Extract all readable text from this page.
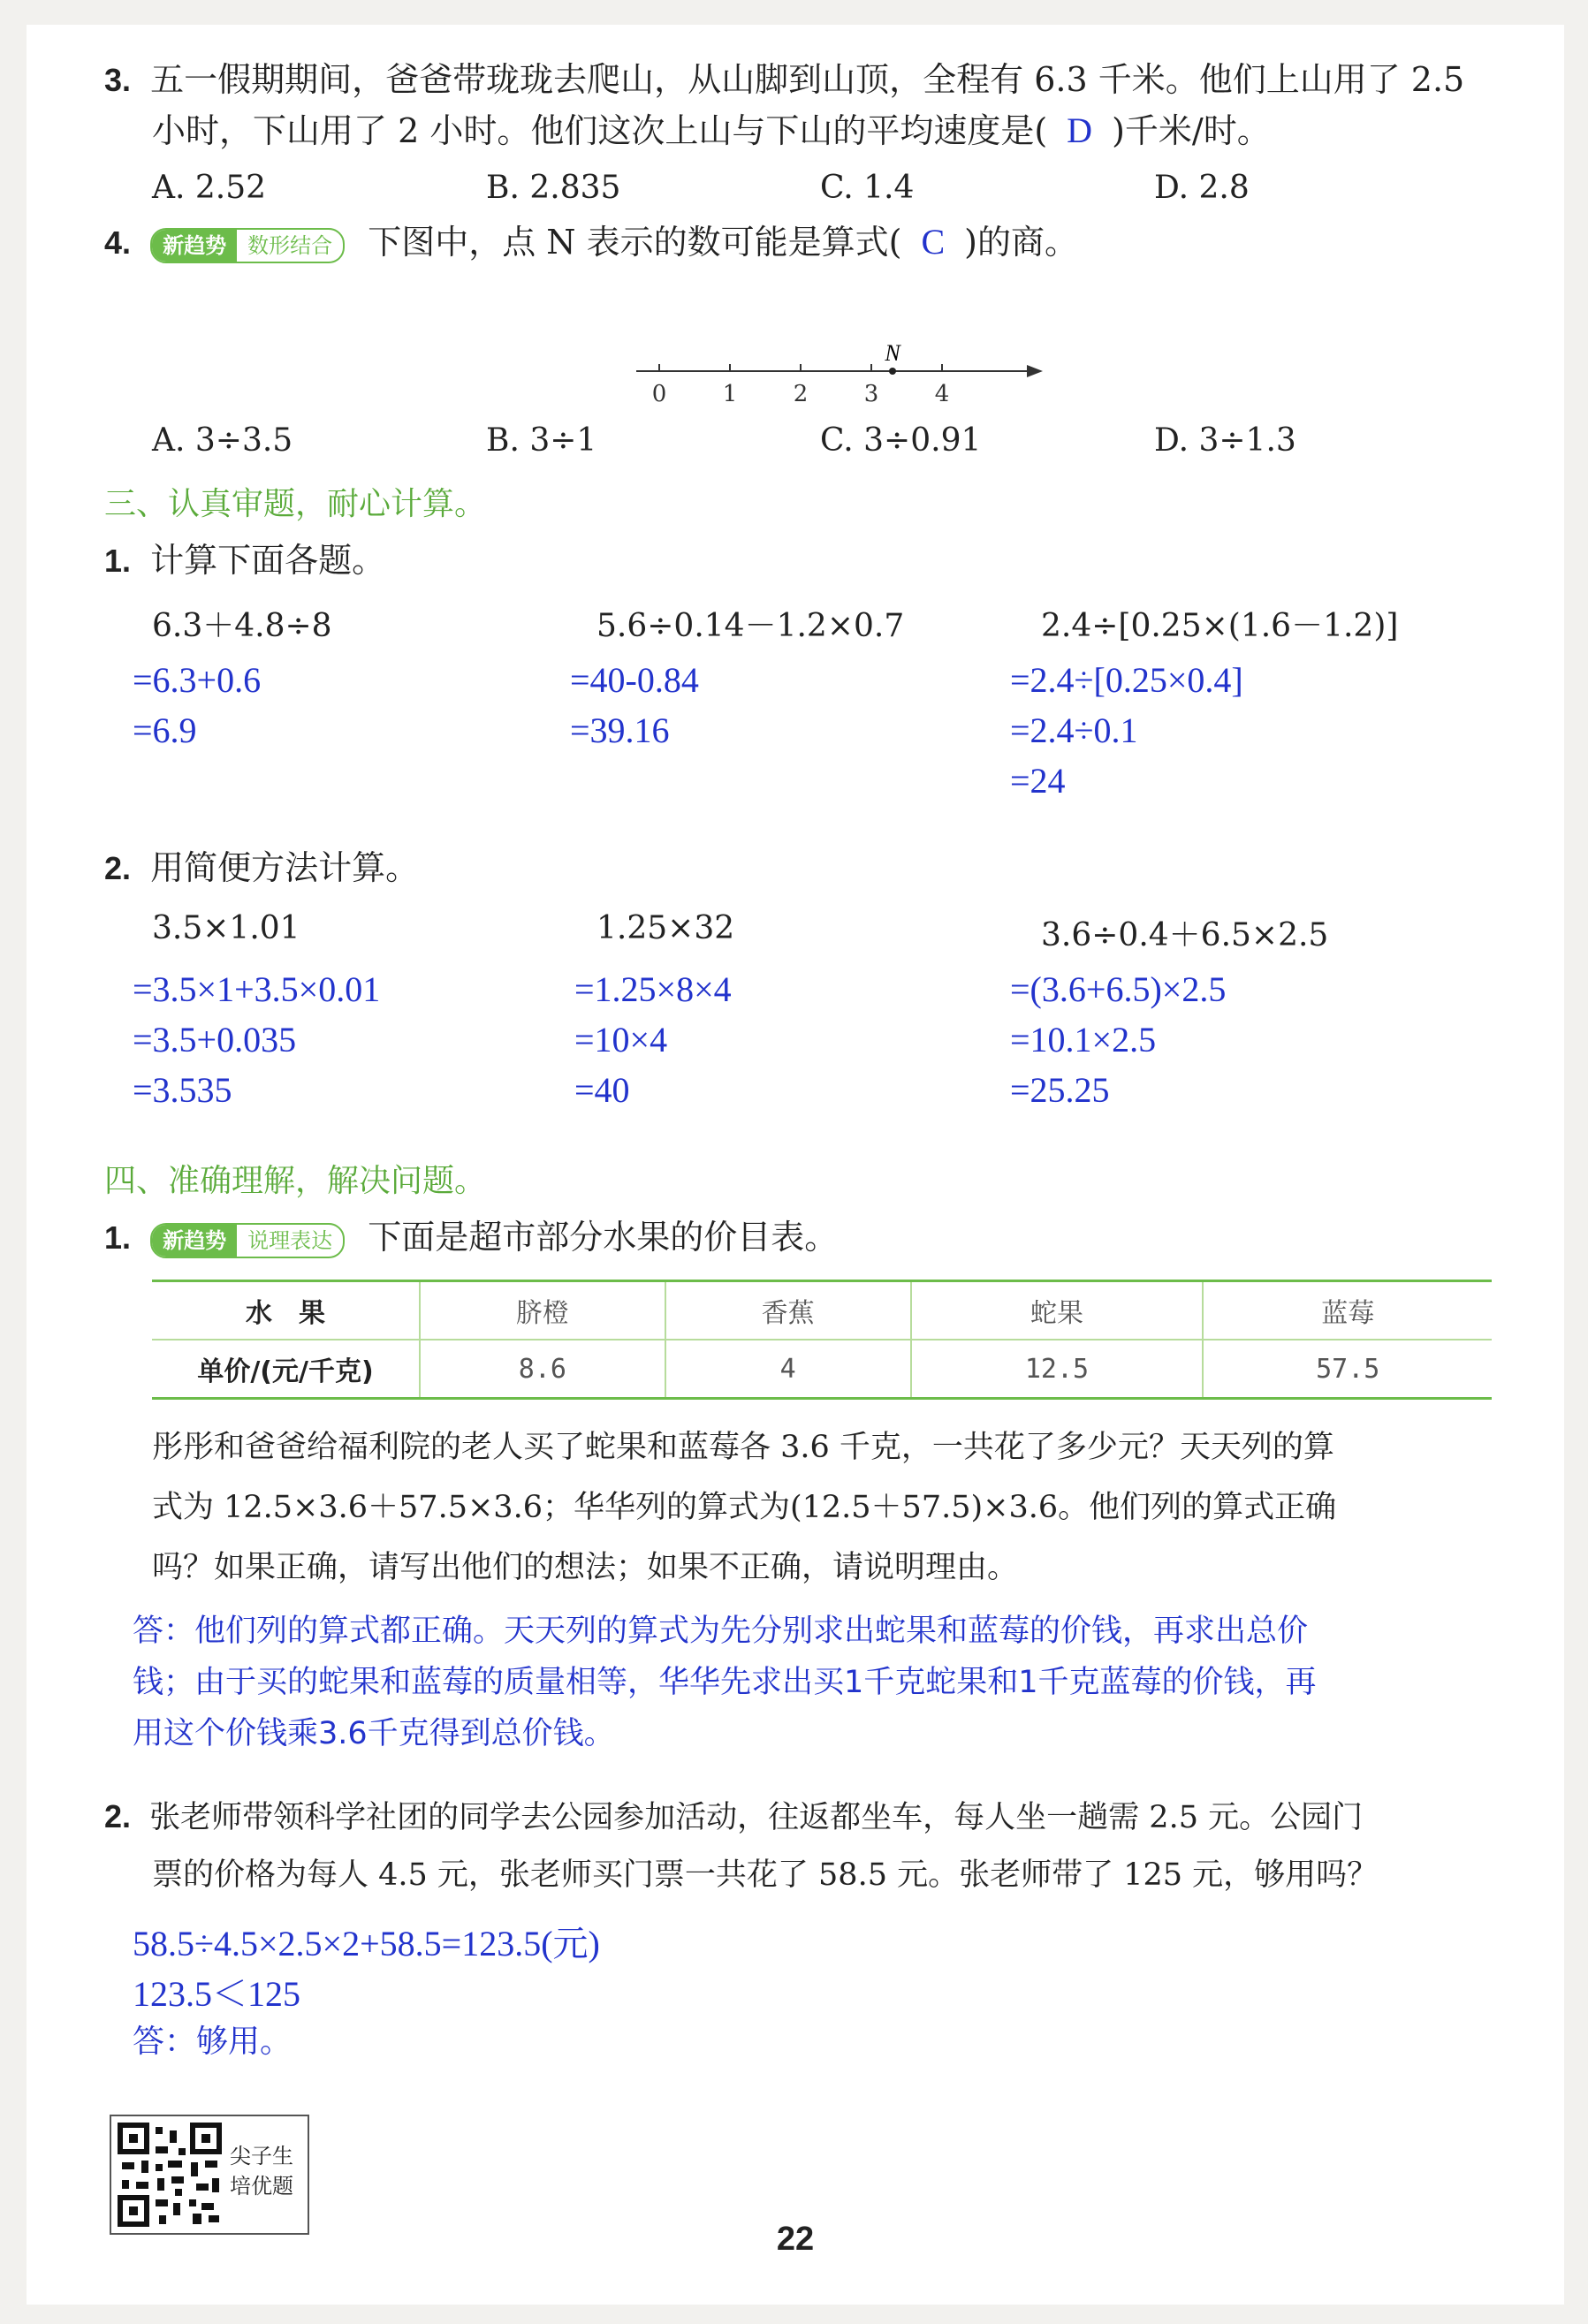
3. 五一假期期间，爸爸带珑珑去爬山，从山脚到山顶，全程有 6.3 千米。他们上山用了 2.5
小时，下山用了 2 小时。他们这次上山与下山的平均速度是( D )千米/时。
A. 2.52	B. 2.835	C. 1.4	D. 2.8
4. 新趋势 数形结合 下图中，点 N 表示的数可能是算式( C )的商。
0 1 2 3 4
N
A. 3÷3.5	B. 3÷1	C. 3÷0.91	D. 3÷1.3
三、认真审题，耐心计算。
1. 计算下面各题。
6.3＋4.8÷8	5.6÷0.14－1.2×0.7	2.4÷[0.25×(1.6－1.2)]
=6.3+0.6
=6.9
=40-0.84
=39.16
=2.4÷[0.25×0.4]
=2.4÷0.1
=24
2. 用简便方法计算。
3.5×1.01	1.25×32	3.6÷0.4＋6.5×2.5
=3.5×1+3.5×0.01
=3.5+0.035
=3.535
=1.25×8×4
=10×4
=40
=(3.6+6.5)×2.5
=10.1×2.5
=25.25
四、准确理解，解决问题。
1. 新趋势 说理表达 下面是超市部分水果的价目表。
水　果	脐橙	香蕉	蛇果	蓝莓
单价/(元/千克)	8.6	4	12.5	57.5
彤彤和爸爸给福利院的老人买了蛇果和蓝莓各 3.6 千克，一共花了多少元？天天列的算
式为 12.5×3.6＋57.5×3.6；华华列的算式为(12.5＋57.5)×3.6。他们列的算式正确
吗？如果正确，请写出他们的想法；如果不正确，请说明理由。
答：他们列的算式都正确。天天列的算式为先分别求出蛇果和蓝莓的价钱，再求出总价
钱；由于买的蛇果和蓝莓的质量相等，华华先求出买1千克蛇果和1千克蓝莓的价钱，再
用这个价钱乘3.6千克得到总价钱。
2. 张老师带领科学社团的同学去公园参加活动，往返都坐车，每人坐一趟需 2.5 元。公园门
票的价格为每人 4.5 元，张老师买门票一共花了 58.5 元。张老师带了 125 元，够用吗？
58.5÷4.5×2.5×2+58.5=123.5(元)
123.5＜125
答：够用。
尖子生
培优题
22
